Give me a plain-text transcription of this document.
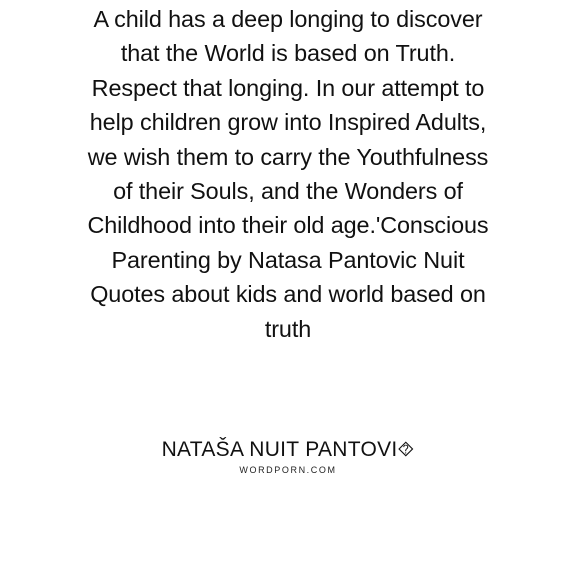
A child has a deep longing to discover
that the World is based on Truth.
Respect that longing. In our attempt to
help children grow into Inspired Adults,
we wish them to carry the Youthfulness
of their Souls, and the Wonders of
Childhood into their old age.'Conscious
Parenting by Natasa Pantovic Nuit
Quotes about kids and world based on
truth
NATAŠA NUIT PANTOVI⯑
WORDPORN.COM
